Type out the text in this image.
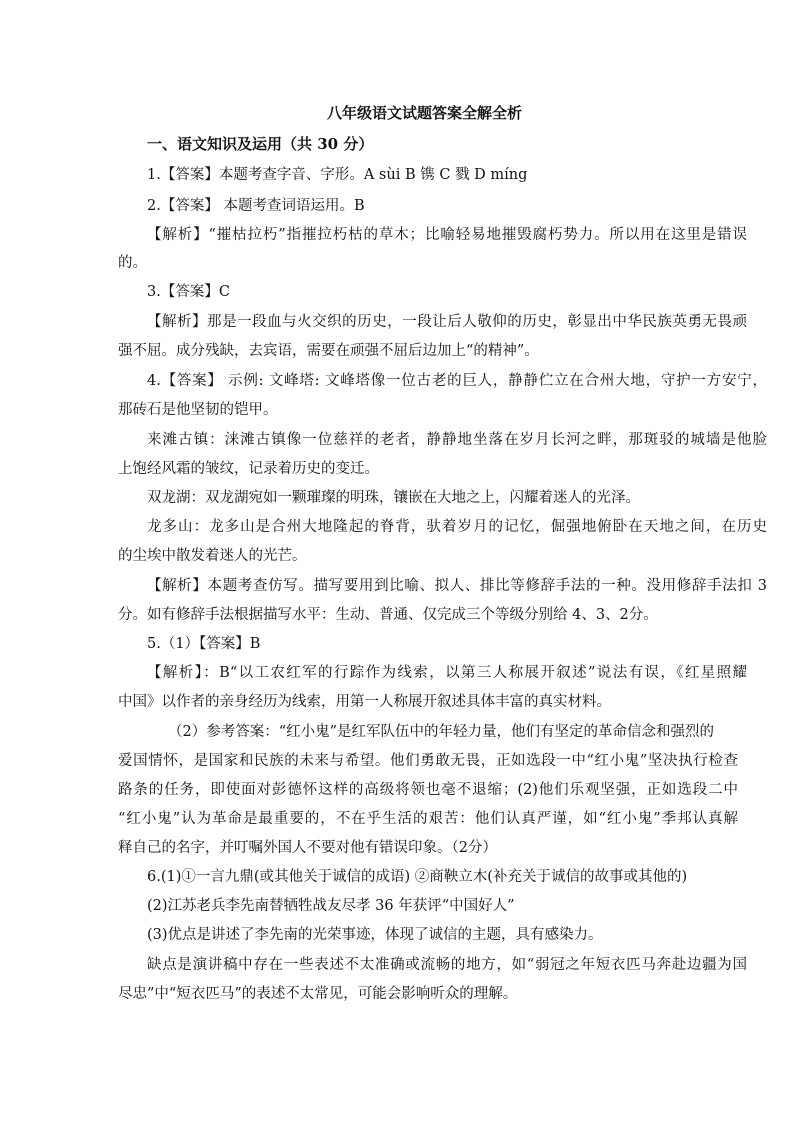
八年级语文试题答案全解全析
一、语文知识及运用（共 30 分）
1.【答案】本题考查字音、字形。A sùi B 镌 C 戮 D míng
2.【答案】 本题考查词语运用。B
【解析】“摧枯拉朽”指摧拉朽枯的草木；比喻轻易地摧毁腐朽势力。所以用在这里是错误
的。
3.【答案】C
【解析】那是一段血与火交织的历史，一段让后人敬仰的历史，彰显出中华民族英勇无畏顽
强不屈。成分残缺，去宾语，需要在顽强不屈后边加上“的精神”。
4.【答案】 示例: 文峰塔: 文峰塔像一位古老的巨人，静静伫立在合州大地，守护一方安宁，
那砖石是他坚韧的铠甲。
来滩古镇：涞滩古镇像一位慈祥的老者，静静地坐落在岁月长河之畔，那斑驳的城墙是他脸
上饱经风霜的皱纹，记录着历史的变迁。
双龙湖：双龙湖宛如一颗璀璨的明珠，镶嵌在大地之上，闪耀着迷人的光泽。
龙多山：龙多山是合州大地隆起的脊背，驮着岁月的记忆，倔强地俯卧在天地之间，在历史
的尘埃中散发着迷人的光芒。
【解析】本题考查仿写。描写要用到比喻、拟人、排比等修辞手法的一种。没用修辞手法扣 3
分。如有修辞手法根据描写水平：生动、普通、仅完成三个等级分别给 4、3、2分。
5.（1）【答案】B
【解析】：B“以工农红军的行踪作为线索，以第三人称展开叙述”说法有误，《红星照耀
中国》以作者的亲身经历为线索，用第一人称展开叙述具体丰富的真实材料。
（2）参考答案：“红小鬼”是红军队伍中的年轻力量，他们有坚定的革命信念和强烈的
爱国情怀，是国家和民族的未来与希望。他们勇敢无畏，正如选段一中“红小鬼”坚决执行检查
路条的任务，即使面对彭德怀这样的高级将领也毫不退缩；(2)他们乐观坚强，正如选段二中
“红小鬼”认为革命是最重要的，不在乎生活的艰苦：他们认真严谨，如“红小鬼”季邦认真解
释自己的名字，并叮嘱外国人不要对他有错误印象。（2分）
6.(1)①一言九鼎(或其他关于诚信的成语) ②商鞅立木(补充关于诚信的故事或其他的)
(2)江苏老兵李先南替牺牲战友尽孝 36 年获评“中国好人”
(3)优点是讲述了李先南的光荣事迹，体现了诚信的主题，具有感染力。
缺点是演讲稿中存在一些表述不太准确或流畅的地方，如“弱冠之年短衣匹马奔赴边疆为国
尽忠”中“短衣匹马”的表述不太常见，可能会影响听众的理解。
